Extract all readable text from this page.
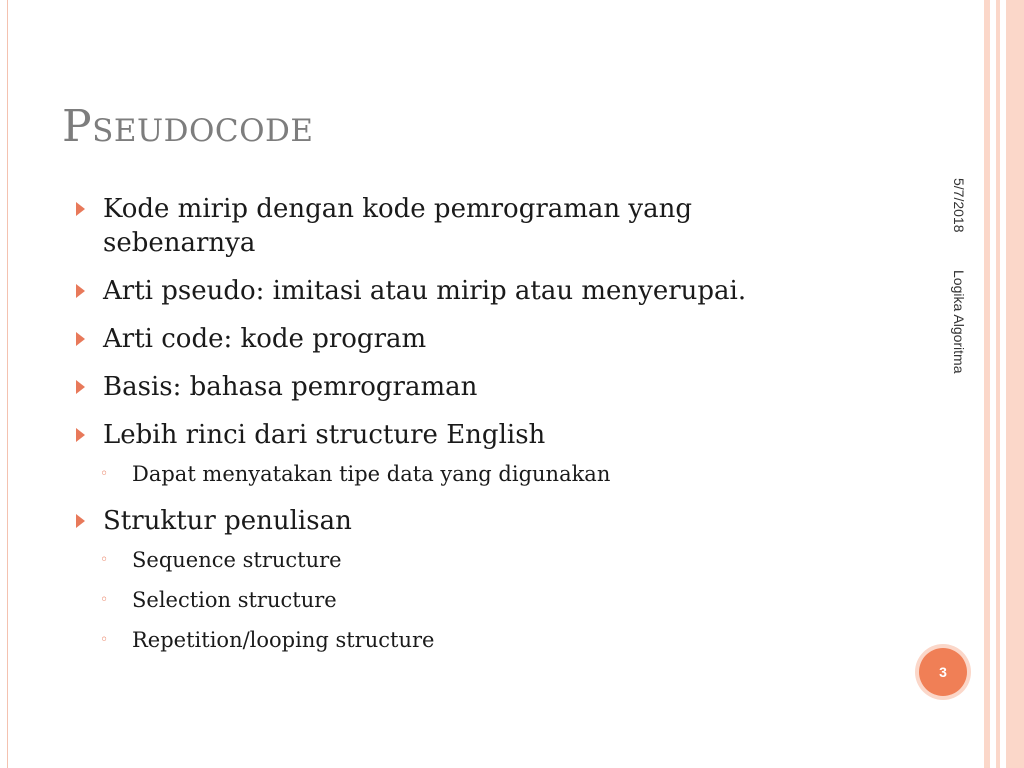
Pseudocode
Kode mirip dengan kode pemrograman yang sebenarnya
Arti pseudo: imitasi atau mirip atau menyerupai.
Arti code: kode program
Basis: bahasa pemrograman
Lebih rinci dari structure English
◦ Dapat menyatakan tipe data yang digunakan
Struktur penulisan
◦ Sequence structure
◦ Selection structure
◦ Repetition/looping structure
5/7/2018
Logika Algoritma
3
